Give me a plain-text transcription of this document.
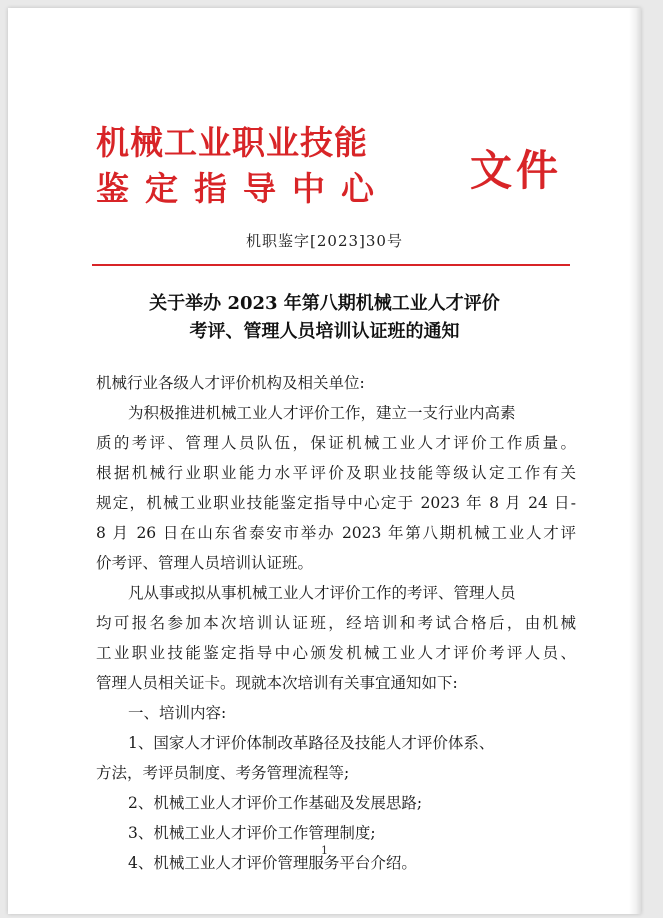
机械工业职业技能
鉴定指导中心 文件
机职鉴字[2023]30号
关于举办 2023 年第八期机械工业人才评价
考评、管理人员培训认证班的通知
机械行业各级人才评价机构及相关单位:
为积极推进机械工业人才评价工作，建立一支行业内高素
质的考评、管理人员队伍，保证机械工业人才评价工作质量。
根据机械行业职业能力水平评价及职业技能等级认定工作有关
规定，机械工业职业技能鉴定指导中心定于 2023 年 8 月 24 日-
8 月 26 日在山东省泰安市举办 2023 年第八期机械工业人才评
价考评、管理人员培训认证班。
凡从事或拟从事机械工业人才评价工作的考评、管理人员
均可报名参加本次培训认证班，经培训和考试合格后，由机械
工业职业技能鉴定指导中心颁发机械工业人才评价考评人员、
管理人员相关证卡。现就本次培训有关事宜通知如下:
一、培训内容:
1、国家人才评价体制改革路径及技能人才评价体系、
方法，考评员制度、考务管理流程等;
2、机械工业人才评价工作基础及发展思路;
3、机械工业人才评价工作管理制度;
4、机械工业人才评价管理服务平台介绍。
1
